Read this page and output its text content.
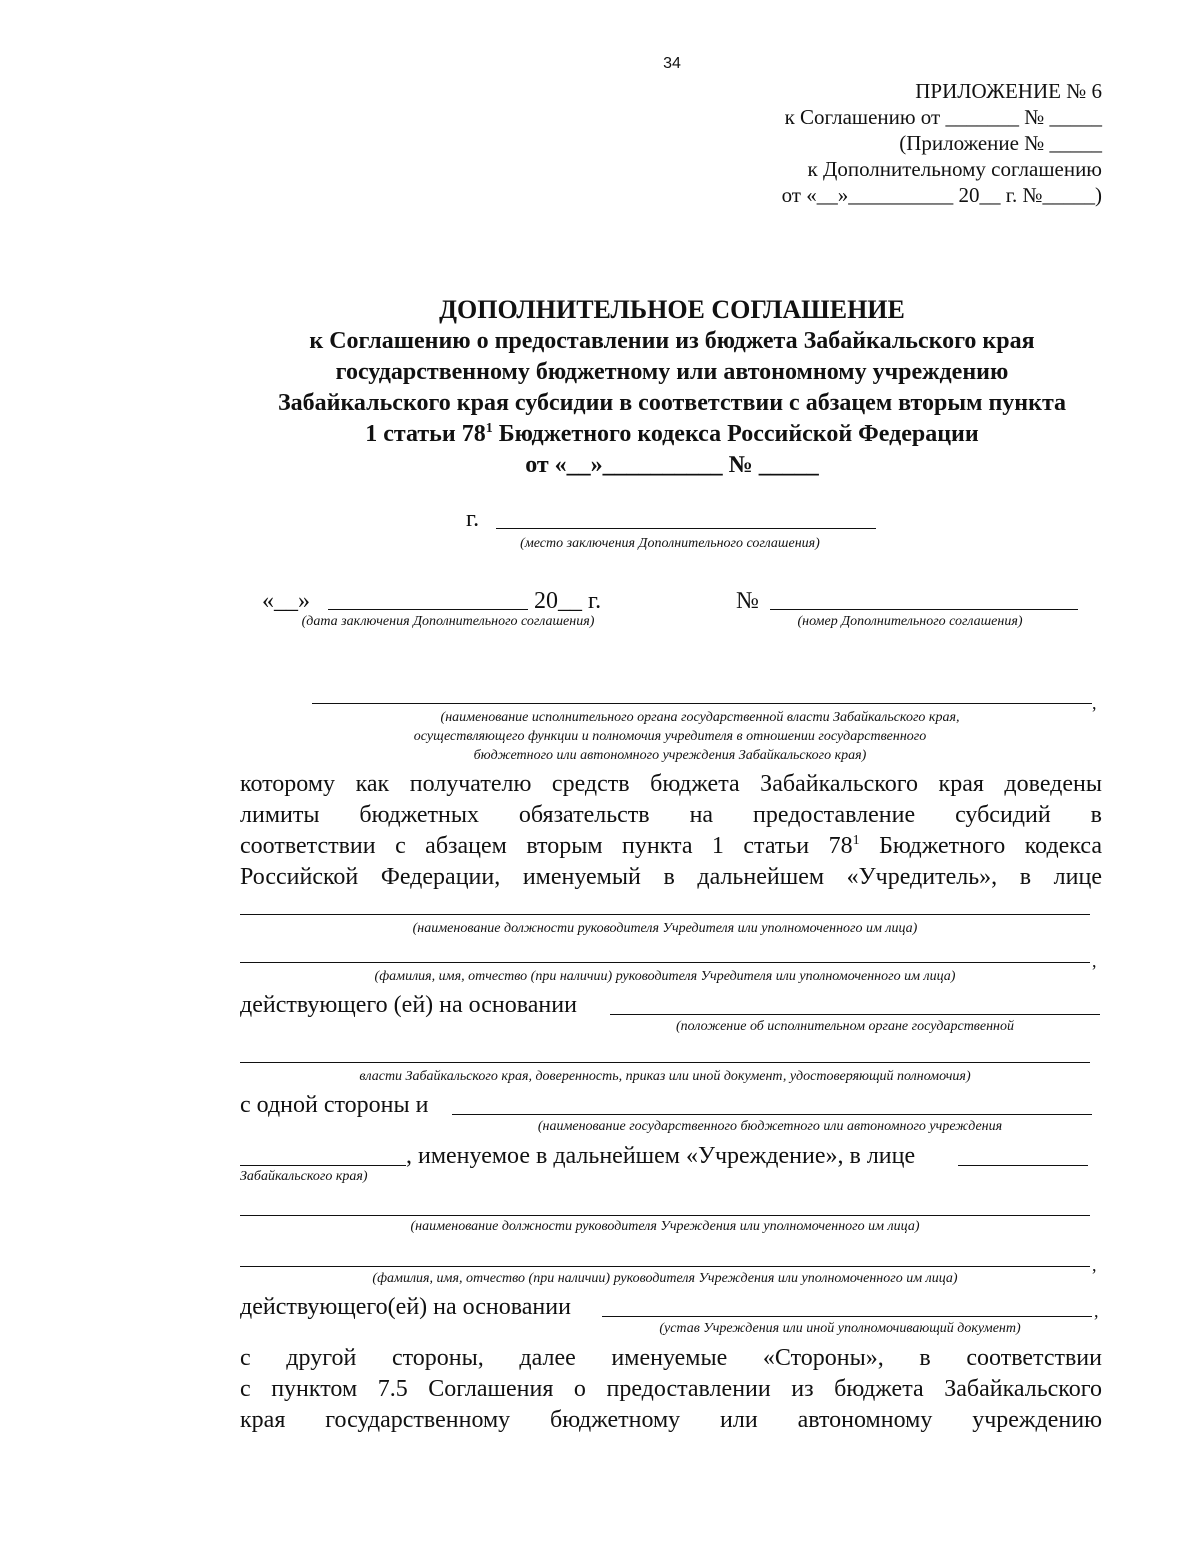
34
ПРИЛОЖЕНИЕ № 6
к Соглашению от _______ № _____
(Приложение № _____
к Дополнительному соглашению
от «__»__________ 20__ г. №_____)
ДОПОЛНИТЕЛЬНОЕ СОГЛАШЕНИЕ
к Соглашению о предоставлении из бюджета Забайкальского края
государственному бюджетному или автономному учреждению
Забайкальского края субсидии в соответствии с абзацем вторым пункта
1 статьи $78^1$ Бюджетного кодекса Российской Федерации
от «__»__________ № _____
г.
(место заключения Дополнительного соглашения)
«__»	20__ г.
(дата заключения Дополнительного соглашения)
№
(номер Дополнительного соглашения)
,
(наименование исполнительного органа государственной власти Забайкальского края,
осуществляющего функции и полномочия учредителя в отношении государственного
бюджетного или автономного учреждения Забайкальского края)
которому как получателю средств бюджета Забайкальского края доведены
лимиты бюджетных обязательств на предоставление субсидий в
соответствии с абзацем вторым пункта 1 статьи $78^1$ Бюджетного кодекса
Российской Федерации, именуемый в дальнейшем «Учредитель», в лице
(наименование должности руководителя Учредителя или уполномоченного им лица)
,
(фамилия, имя, отчество (при наличии) руководителя Учредителя или уполномоченного им лица)
действующего (ей) на основании
(положение об исполнительном органе государственной
власти Забайкальского края, доверенность, приказ или иной документ, удостоверяющий полномочия)
с одной стороны и
(наименование государственного бюджетного или автономного учреждения
, именуемое в дальнейшем «Учреждение», в лице
Забайкальского края)
(наименование должности руководителя Учреждения или уполномоченного им лица)
,
(фамилия, имя, отчество (при наличии) руководителя Учреждения или уполномоченного им лица)
действующего(ей) на основании	,
(устав Учреждения или иной уполномочивающий документ)
с другой стороны, далее именуемые «Стороны», в соответствии
с пунктом 7.5 Соглашения о предоставлении из бюджета Забайкальского
края государственному бюджетному или автономному учреждению
